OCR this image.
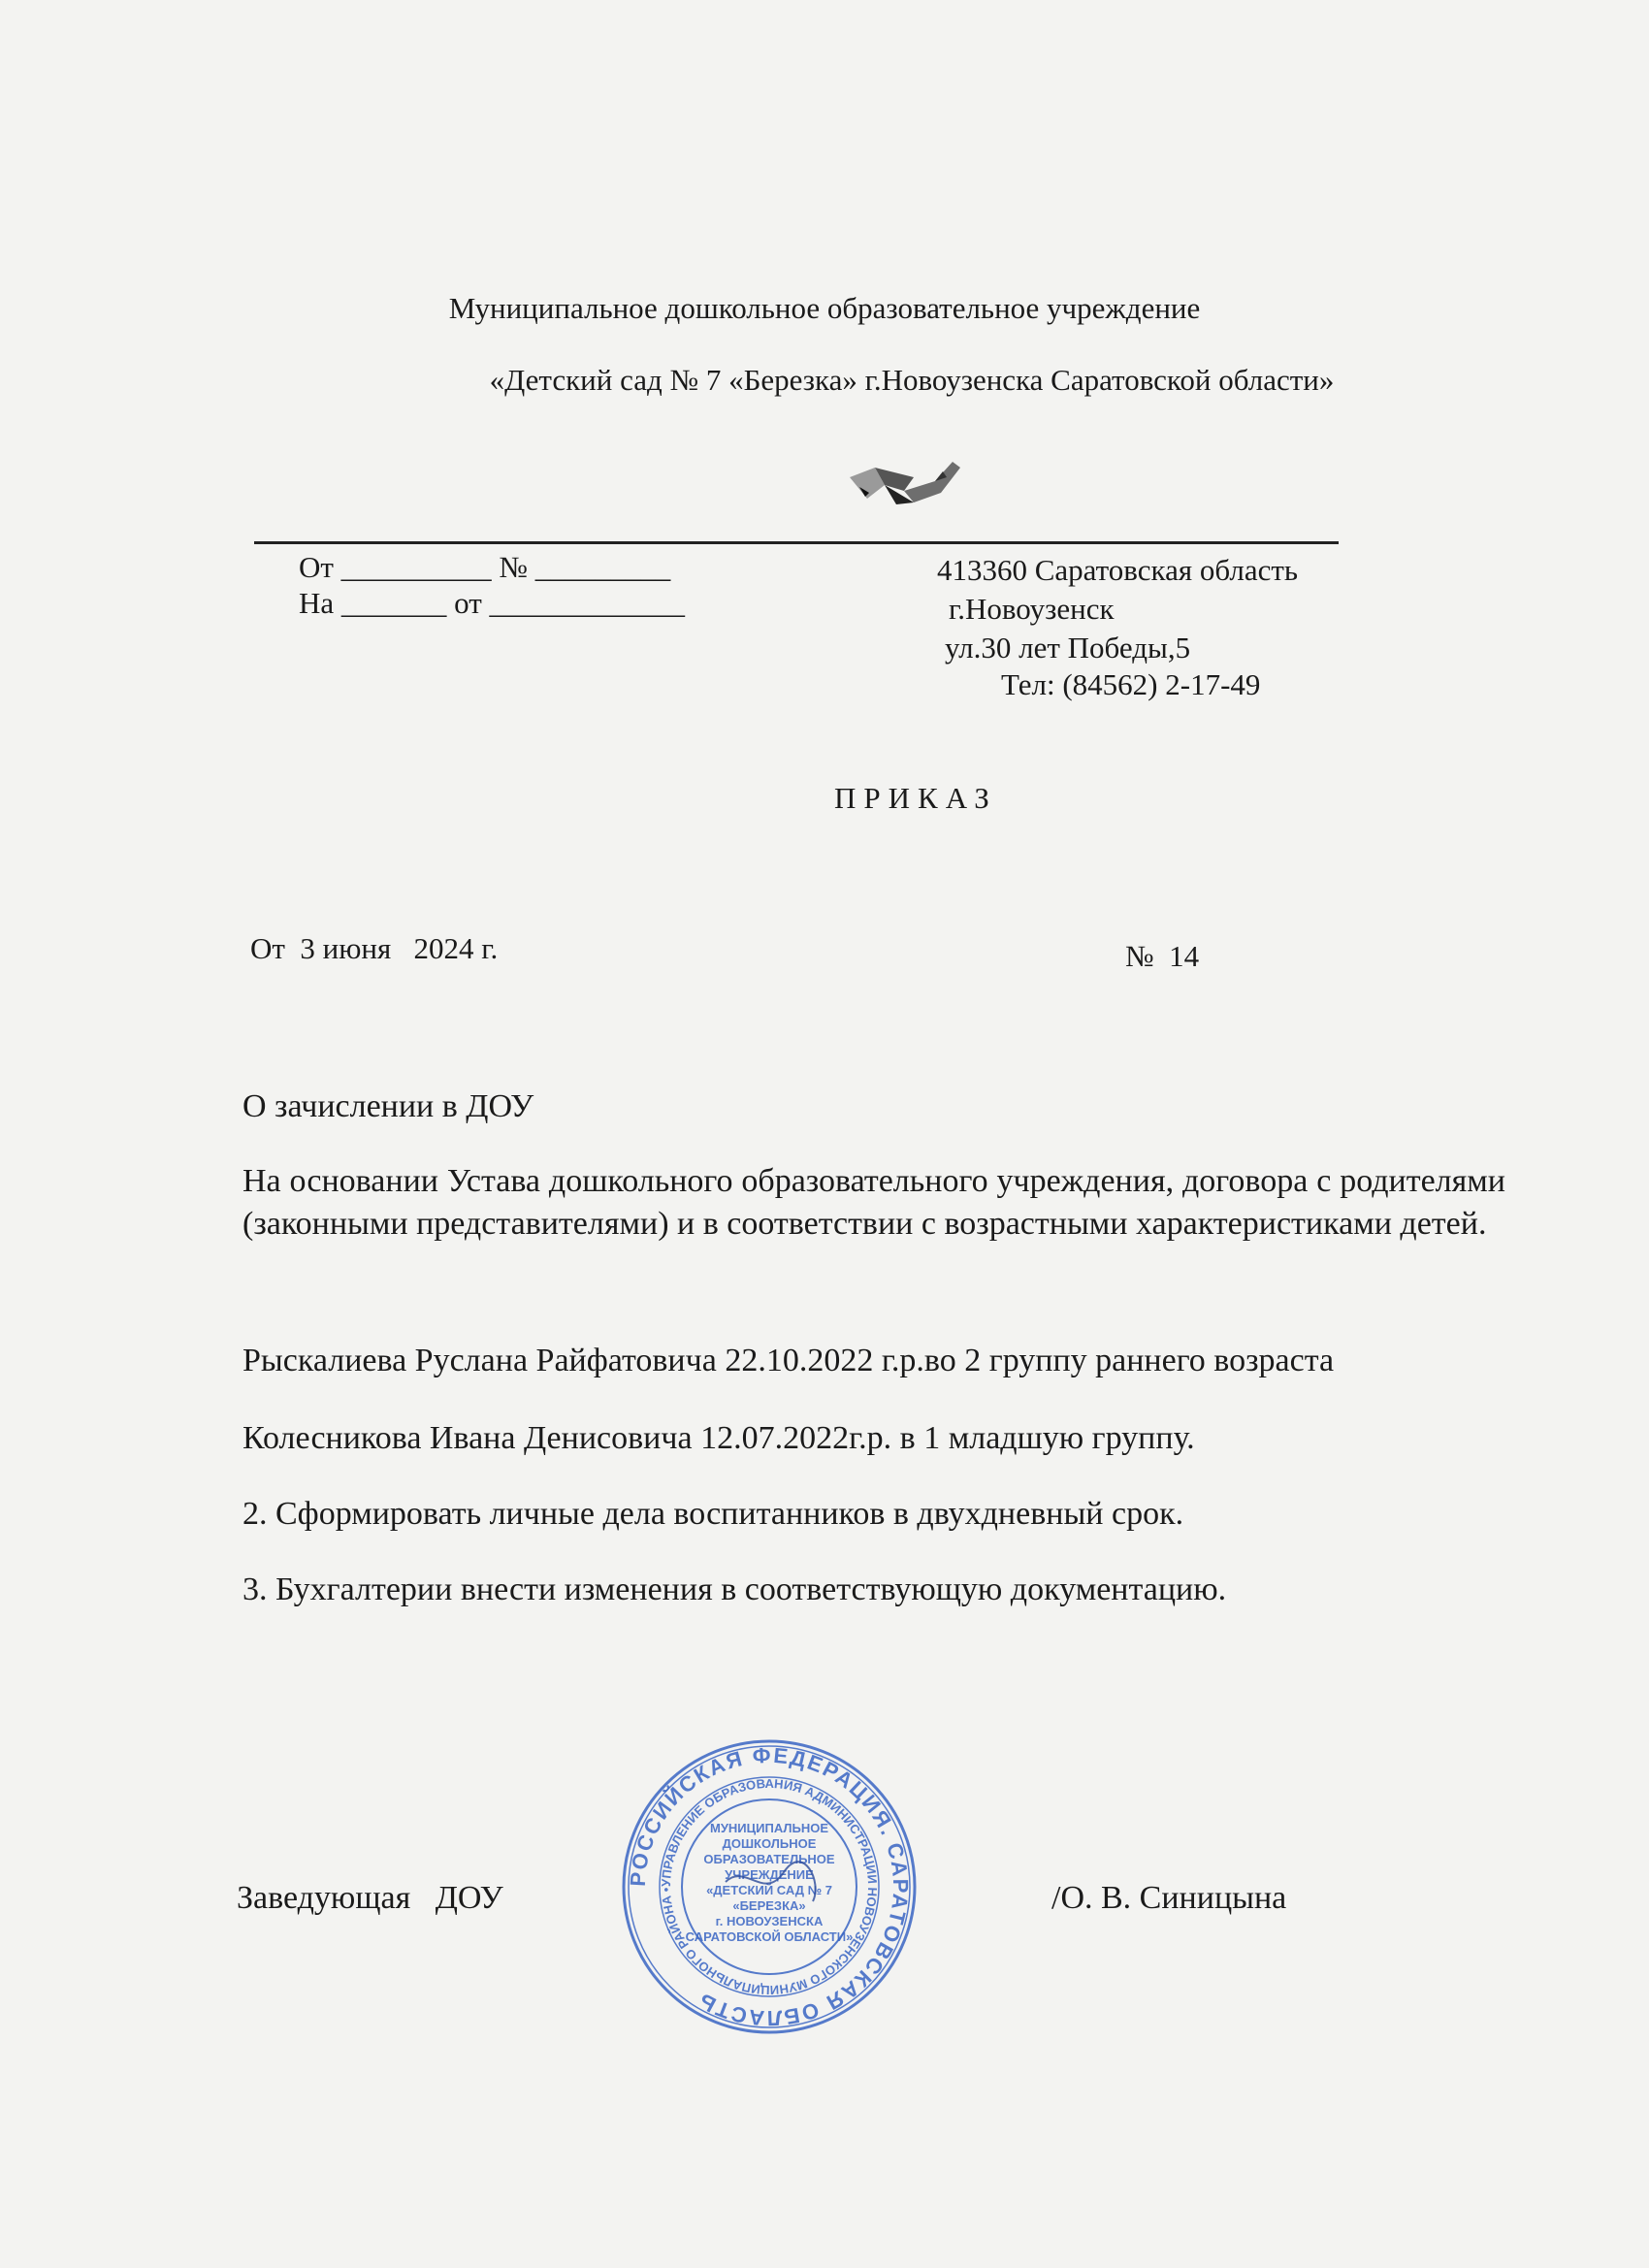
Муниципальное дошкольное образовательное учреждение
«Детский сад № 7 «Березка» г.Новоузенска Саратовской области»
От __________ № _________
На _______ от _____________
413360 Саратовская область
г.Новоузенск
ул.30 лет Победы,5
Тел: (84562) 2-17-49
ПРИКАЗ
От  3 июня   2024 г.	№  14
О зачислении в ДОУ
На основании Устава дошкольного образовательного учреждения, договора с родителями (законными представителями) и в соответствии с возрастными характеристиками детей.
Рыскалиева Руслана Райфатовича 22.10.2022 г.р.во 2 группу раннего возраста
Колесникова Ивана Денисовича 12.07.2022г.р. в 1 младшую группу.
2. Сформировать личные дела воспитанников в двухдневный срок.
3. Бухгалтерии внести изменения в соответствующую документацию.
Заведующая   ДОУ
РОССИЙСКАЯ ФЕДЕРАЦИЯ. САРАТОВСКАЯ ОБЛАСТЬ
УПРАВЛЕНИЕ ОБРАЗОВАНИЯ АДМИНИСТРАЦИИ НОВОУЗЕНСКОГО МУНИЦИПАЛЬНОГО РАЙОНА •
МУНИЦИПАЛЬНОЕ
ДОШКОЛЬНОЕ
ОБРАЗОВАТЕЛЬНОЕ
УЧРЕЖДЕНИЕ
«ДЕТСКИЙ САД № 7
«БЕРЕЗКА»
г. НОВОУЗЕНСКА
САРАТОВСКОЙ ОБЛАСТИ»
/О. В. Синицына
